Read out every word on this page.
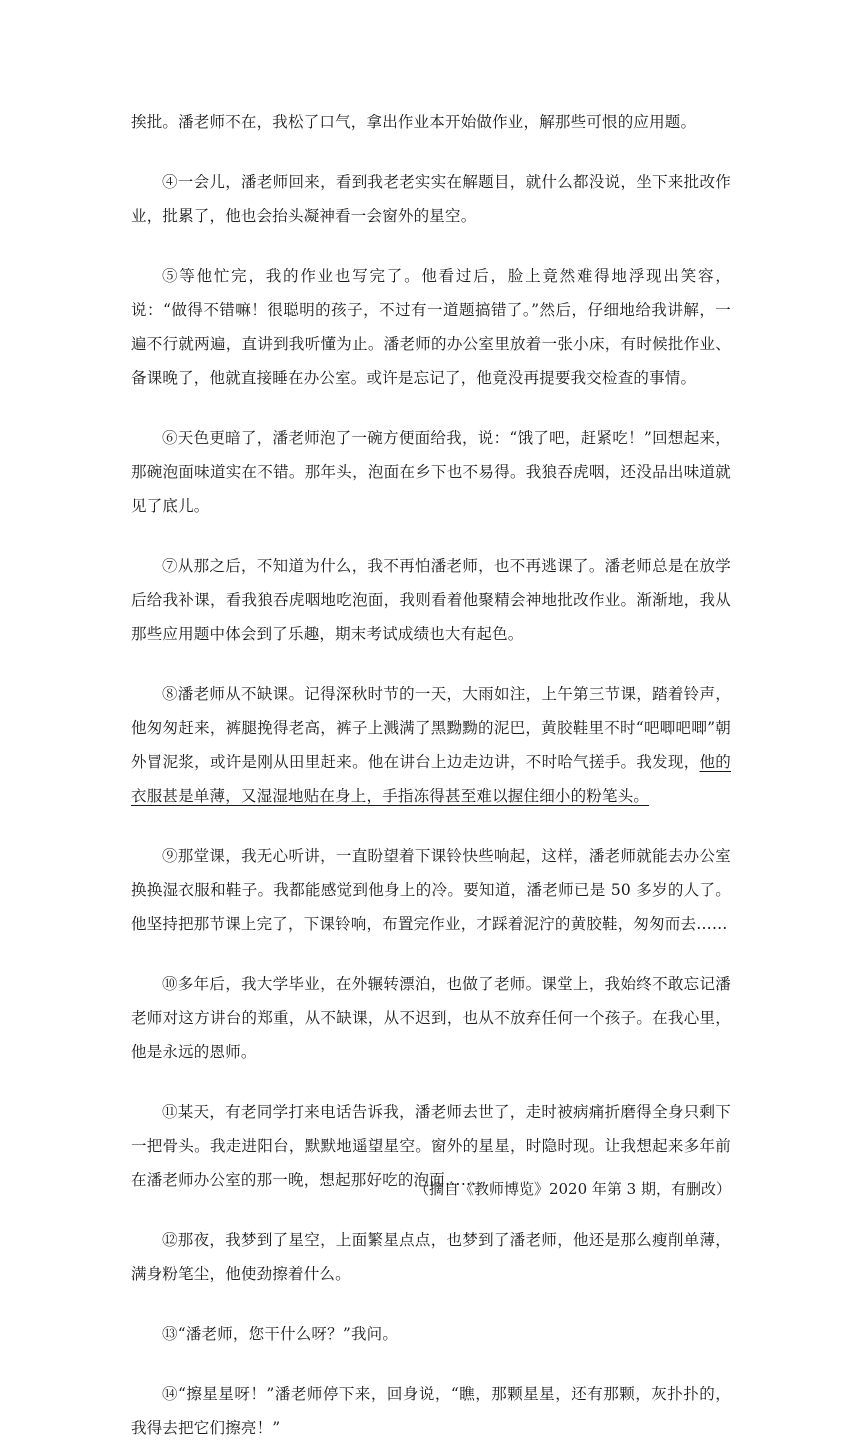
挨批。潘老师不在，我松了口气，拿出作业本开始做作业，解那些可恨的应用题。

④一会儿，潘老师回来，看到我老老实实在解题目，就什么都没说，坐下来批改作业，批累了，他也会抬头凝神看一会窗外的星空。

⑤等他忙完，我的作业也写完了。他看过后，脸上竟然难得地浮现出笑容，说：“做得不错嘛！很聪明的孩子，不过有一道题搞错了。”然后，仔细地给我讲解，一遍不行就两遍，直讲到我听懂为止。潘老师的办公室里放着一张小床，有时候批作业、备课晚了，他就直接睡在办公室。或许是忘记了，他竟没再提要我交检查的事情。

⑥天色更暗了，潘老师泡了一碗方便面给我，说：“饿了吧，赶紧吃！”回想起来，那碗泡面味道实在不错。那年头，泡面在乡下也不易得。我狼吞虎咽，还没品出味道就见了底儿。

⑦从那之后，不知道为什么，我不再怕潘老师，也不再逃课了。潘老师总是在放学后给我补课，看我狼吞虎咽地吃泡面，我则看着他聚精会神地批改作业。渐渐地，我从那些应用题中体会到了乐趣，期末考试成绩也大有起色。

⑧潘老师从不缺课。记得深秋时节的一天，大雨如注，上午第三节课，踏着铃声，他匆匆赶来，裤腿挽得老高，裤子上溅满了黑黝黝的泥巴，黄胶鞋里不时“吧唧吧唧”朝外冒泥浆，或许是刚从田里赶来。他在讲台上边走边讲，不时哈气搓手。我发现，他的衣服甚是单薄，又湿湿地贴在身上，手指冻得甚至难以握住细小的粉笔头。

⑨那堂课，我无心听讲，一直盼望着下课铃快些响起，这样，潘老师就能去办公室换换湿衣服和鞋子。我都能感觉到他身上的冷。要知道，潘老师已是 50 多岁的人了。他坚持把那节课上完了，下课铃响，布置完作业，才踩着泥泞的黄胶鞋，匆匆而去……

⑩多年后，我大学毕业，在外辗转漂泊，也做了老师。课堂上，我始终不敢忘记潘老师对这方讲台的郑重，从不缺课，从不迟到，也从不放弃任何一个孩子。在我心里，他是永远的恩师。

⑪某天，有老同学打来电话告诉我，潘老师去世了，走时被病痛折磨得全身只剩下一把骨头。我走进阳台，默默地遥望星空。窗外的星星，时隐时现。让我想起来多年前在潘老师办公室的那一晚，想起那好吃的泡面……

⑫那夜，我梦到了星空，上面繁星点点，也梦到了潘老师，他还是那么瘦削单薄，满身粉笔尘，他使劲擦着什么。

⑬“潘老师，您干什么呀？”我问。

⑭“擦星星呀！”潘老师停下来，回身说，“瞧，那颗星星，还有那颗，灰扑扑的，我得去把它们擦亮！”

（摘自《教师博览》2020 年第 3 期，有删改）
